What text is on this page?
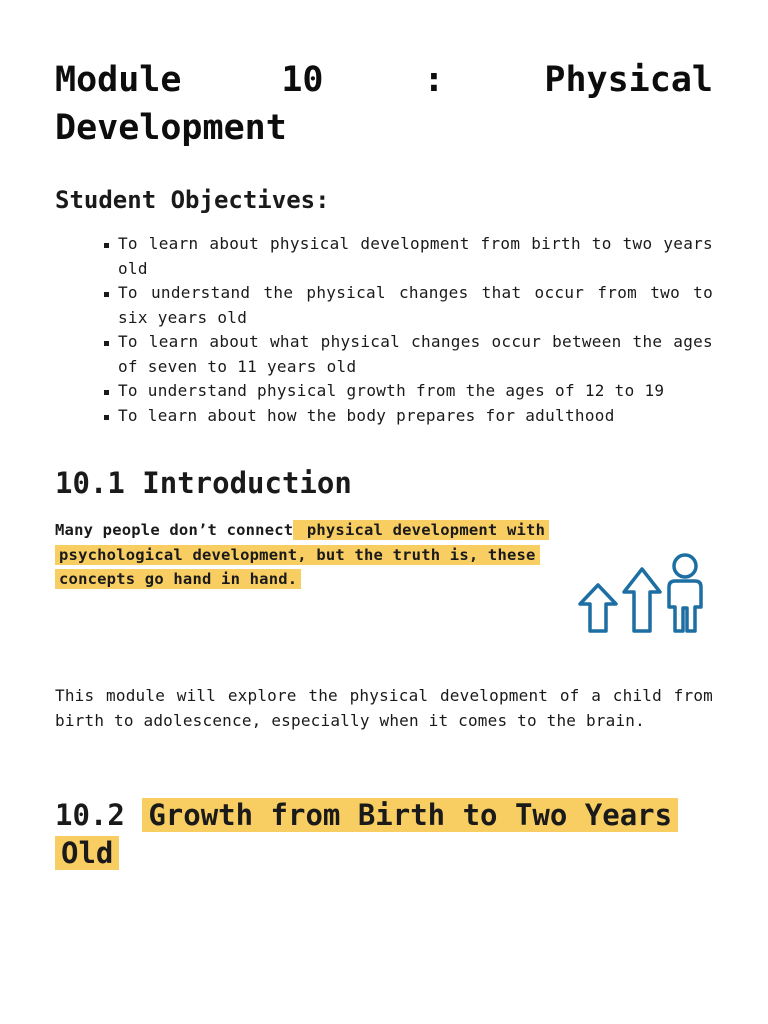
Module	10	:	Physical
Development
Student Objectives:
To learn about physical development from birth to two years old
To understand the physical changes that occur from two to six years old
To learn about what physical changes occur between the ages of seven to 11 years old
To understand physical growth from the ages of 12 to 19
To learn about how the body prepares for adulthood
10.1 Introduction

Many people don’t connect physical development with psychological development, but the truth is, these concepts go hand in hand.

This module will explore the physical development of a child from birth to adolescence, especially when it comes to the brain.

10.2 Growth from Birth to Two Years Old
